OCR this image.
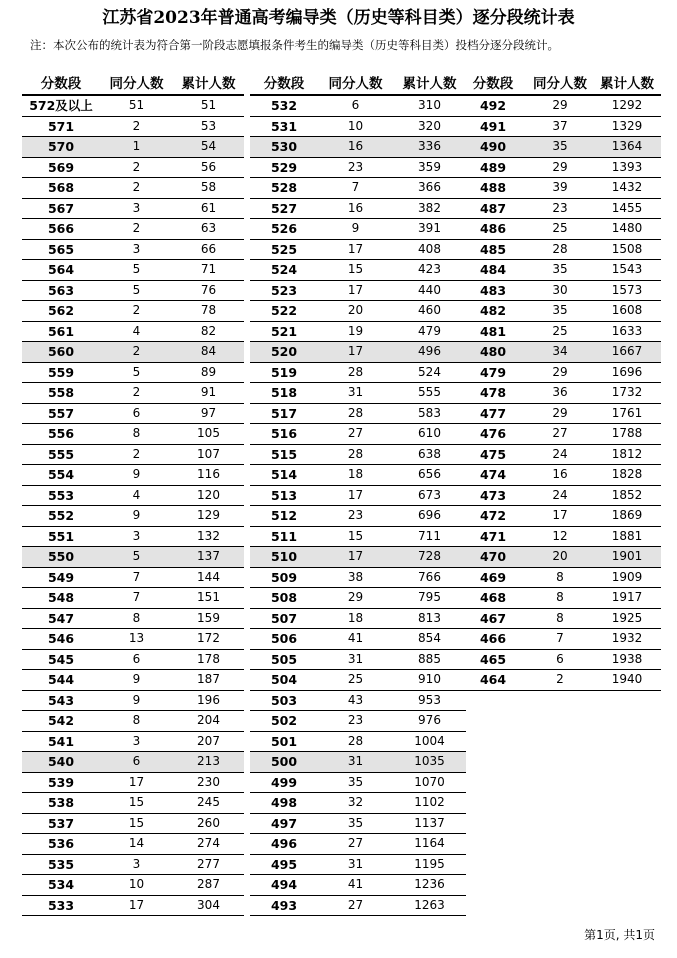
江苏省2023年普通高考编导类（历史等科目类）逐分段统计表
注：本次公布的统计表为符合第一阶段志愿填报条件考生的编导类（历史等科目类）投档分逐分段统计。
分数段	同分人数	累计人数
572及以上	51	51
571	2	53
570	1	54
569	2	56
568	2	58
567	3	61
566	2	63
565	3	66
564	5	71
563	5	76
562	2	78
561	4	82
560	2	84
559	5	89
558	2	91
557	6	97
556	8	105
555	2	107
554	9	116
553	4	120
552	9	129
551	3	132
550	5	137
549	7	144
548	7	151
547	8	159
546	13	172
545	6	178
544	9	187
543	9	196
542	8	204
541	3	207
540	6	213
539	17	230
538	15	245
537	15	260
536	14	274
535	3	277
534	10	287
533	17	304
分数段	同分人数	累计人数
532	6	310
531	10	320
530	16	336
529	23	359
528	7	366
527	16	382
526	9	391
525	17	408
524	15	423
523	17	440
522	20	460
521	19	479
520	17	496
519	28	524
518	31	555
517	28	583
516	27	610
515	28	638
514	18	656
513	17	673
512	23	696
511	15	711
510	17	728
509	38	766
508	29	795
507	18	813
506	41	854
505	31	885
504	25	910
503	43	953
502	23	976
501	28	1004
500	31	1035
499	35	1070
498	32	1102
497	35	1137
496	27	1164
495	31	1195
494	41	1236
493	27	1263
分数段	同分人数	累计人数
492	29	1292
491	37	1329
490	35	1364
489	29	1393
488	39	1432
487	23	1455
486	25	1480
485	28	1508
484	35	1543
483	30	1573
482	35	1608
481	25	1633
480	34	1667
479	29	1696
478	36	1732
477	29	1761
476	27	1788
475	24	1812
474	16	1828
473	24	1852
472	17	1869
471	12	1881
470	20	1901
469	8	1909
468	8	1917
467	8	1925
466	7	1932
465	6	1938
464	2	1940
第1页, 共1页
